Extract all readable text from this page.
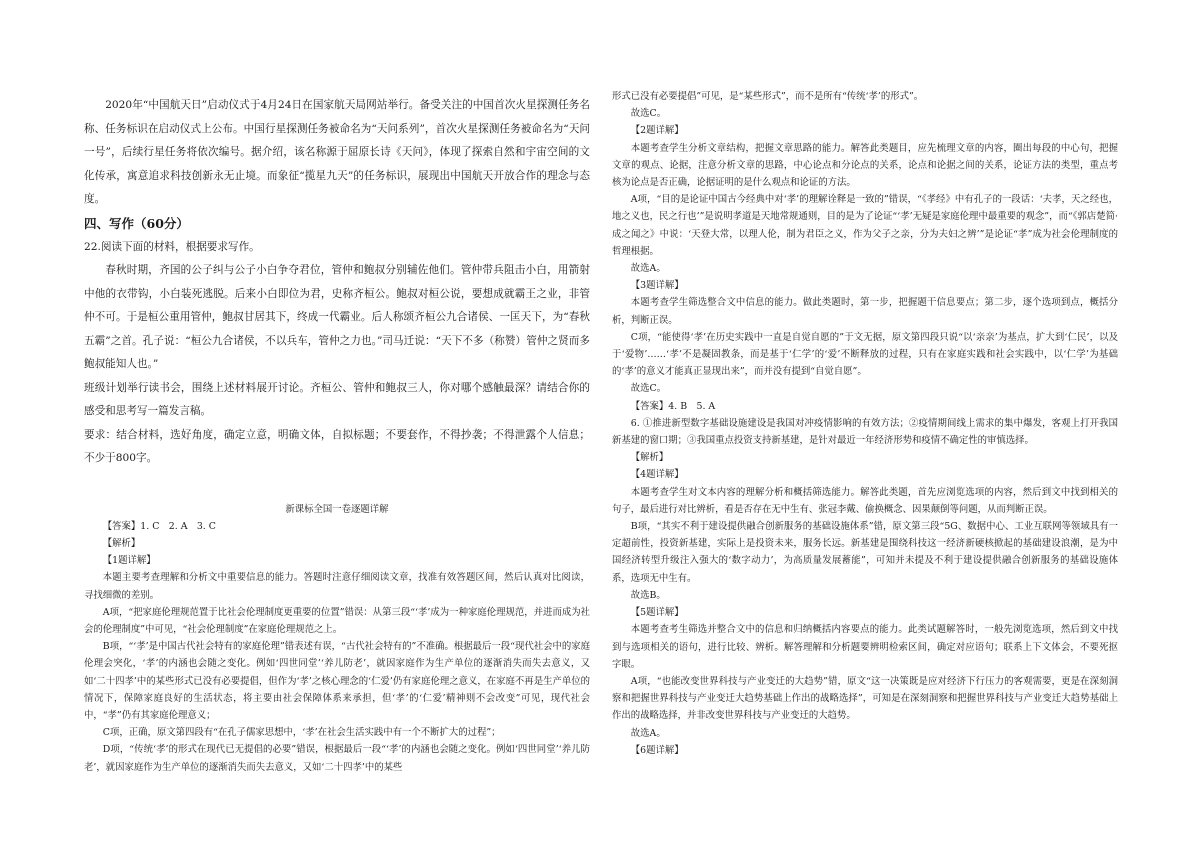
2020年“中国航天日”启动仪式于4月24日在国家航天局网站举行。备受关注的中国首次火星探测任务名称、任务标识在启动仪式上公布。中国行星探测任务被命名为“天问系列”，首次火星探测任务被命名为“天问一号”，后续行星任务将依次编号。据介绍，该名称源于屈原长诗《天问》，体现了探索自然和宇宙空间的文化传承，寓意追求科技创新永无止境。而象征“揽星九天”的任务标识，展现出中国航天开放合作的理念与态度。

四、写作（60分）

22.阅读下面的材料，根据要求写作。

春秋时期，齐国的公子纠与公子小白争夺君位，管仲和鲍叔分别辅佐他们。管仲带兵阻击小白，用箭射中他的衣带钩，小白装死逃脱。后来小白即位为君，史称齐桓公。鲍叔对桓公说，要想成就霸王之业，非管仲不可。于是桓公重用管仲，鲍叔甘居其下，终成一代霸业。后人称颂齐桓公九合诸侯、一匡天下，为“春秋五霸”之首。孔子说：“桓公九合诸侯，不以兵车，管仲之力也。”司马迁说：“天下不多（称赞）管仲之贤而多鲍叔能知人也。”

班级计划举行读书会，围绕上述材料展开讨论。齐桓公、管仲和鲍叔三人，你对哪个感触最深？请结合你的感受和思考写一篇发言稿。

要求：结合材料，选好角度，确定立意，明确文体，自拟标题；不要套作，不得抄袭；不得泄露个人信息；不少于800字。

新课标全国一卷逐题详解

【答案】1. C　2. A　3. C

【解析】

【1题详解】

本题主要考查理解和分析文中重要信息的能力。答题时注意仔细阅读文章，找准有效答题区间，然后认真对比阅读，寻找细微的差别。

A项，“把家庭伦理规范置于比社会伦理制度更重要的位置”错误：从第三段“‘孝’成为一种家庭伦理规范，并进而成为社会的伦理制度”中可见，“社会伦理制度”在家庭伦理规范之上。

B项，“‘孝’是中国古代社会特有的家庭伦理”错表述有误，“古代社会特有的”不准确。根据最后一段“现代社会中的家庭伦理会突化，‘孝’的内涵也会随之变化。例如‘四世同堂’‘养儿防老’，就因家庭作为生产单位的逐渐消失而失去意义，又如‘二十四孝’中的某些形式已没有必要提倡，但作为‘孝’之核心理念的‘仁爱’仍有家庭伦理之意义，在家庭不再是生产单位的情况下，保障家庭良好的生活状态，将主要由社会保障体系来承担，但‘孝’的‘仁爱’精神则不会改变”可见，现代社会中，“孝”仍有其家庭伦理意义；

C项，正确，原文第四段有“在孔子儒家思想中，‘孝’在社会生活实践中有一个不断扩大的过程”；

D项，“传统‘孝’的形式在现代已无提倡的必要”错误，根据最后一段“‘孝’的内涵也会随之变化。例如‘四世同堂’‘养儿防老’，就因家庭作为生产单位的逐渐消失而失去意义，又如‘二十四孝’中的某些

形式已没有必要提倡”可见，是“某些形式”，而不是所有“传统‘孝’的形式”。

故选C。

【2题详解】

本题考查学生分析文章结构，把握文章思路的能力。解答此类题目，应先梳理文章的内容，圈出每段的中心句，把握文章的观点、论据，注意分析文章的思路，中心论点和分论点的关系，论点和论据之间的关系，论证方法的类型，重点考核为论点是否正确，论据证明的是什么观点和论证的方法。

A项，“目的是论证中国古今经典中对‘孝’的理解诠释是一致的”错误，“《孝经》中有孔子的一段话：‘夫孝，天之经也，地之义也，民之行也’”是说明孝道是天地常规通则，目的是为了论证“‘孝’无疑是家庭伦理中最重要的观念”，而“《郭店楚简·成之闻之》中说：‘天登大常，以理人伦，制为君臣之义，作为父子之亲，分为夫妇之辨’”是论证“孝”成为社会伦理制度的哲理根据。

故选A。

【3题详解】

本题考查学生筛选整合文中信息的能力。做此类题时，第一步，把握题干信息要点；第二步，逐个选项到点，概括分析，判断正误。

C项，“能使得‘孝’在历史实践中一直是自觉自愿的”于文无据，原文第四段只说“以‘亲亲’为基点，扩大到‘仁民’，以及于‘爱物’……‘孝’不是凝固教条，而是基于‘仁学’的‘爱’不断释放的过程，只有在家庭实践和社会实践中，以‘仁学’为基础的‘孝’的意义才能真正显现出来”，而并没有提到“自觉自愿”。

故选C。

【答案】4. B　5. A

6. ①推进新型数字基础设施建设是我国对冲疫情影响的有效方法；②疫情期间线上需求的集中爆发，客观上打开我国新基建的窗口期；③我国重点投资支持新基建，是针对最近一年经济形势和疫情不确定性的审慎选择。

【解析】

【4题详解】

本题考查学生对文本内容的理解分析和概括筛选能力。解答此类题，首先应浏览选项的内容，然后到文中找到相关的句子，最后进行对比辨析，看是否存在无中生有、张冠李戴、偷换概念、因果颠倒等问题，从而判断正误。

B项，“其实不利于建设提供融合创新服务的基础设施体系”错，原文第三段“5G、数据中心、工业互联网等领域具有一定超前性，投资新基建，实际上是投资未来，服务长远。新基建是围绕科技这一经济新硬核掀起的基础建设浪潮，是为中国经济转型升级注入强大的‘数字动力’，为高质量发展蓄能”，可知并未提及不利于建设提供融合创新服务的基础设施体系，选项无中生有。

故选B。

【5题详解】

本题考查考生筛选并整合文中的信息和归纳概括内容要点的能力。此类试题解答时，一般先浏览选项，然后到文中找到与选项相关的语句，进行比较、辨析。解答理解和分析题要辨明检索区间，确定对应语句；联系上下文体会，不要死抠字眼。

A项，“也能改变世界科技与产业变迁的大趋势”错，原文“这一决策既是应对经济下行压力的客观需要，更是在深刻洞察和把握世界科技与产业变迁大趋势基础上作出的战略选择”，可知是在深刻洞察和把握世界科技与产业变迁大趋势基础上作出的战略选择，并非改变世界科技与产业变迁的大趋势。

故选A。

【6题详解】
